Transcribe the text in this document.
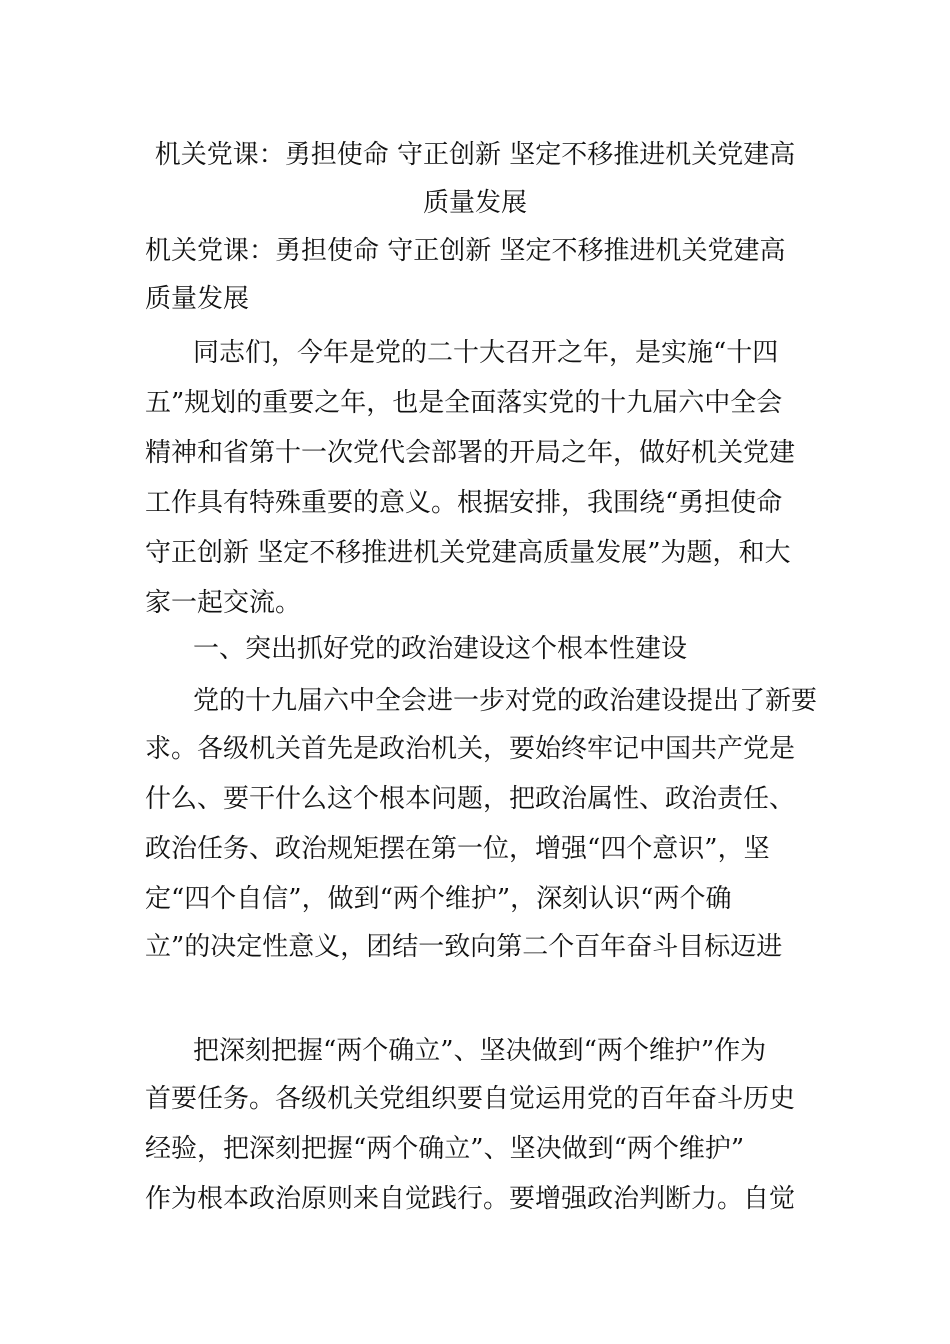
机关党课：勇担使命 守正创新 坚定不移推进机关党建高
质量发展
机关党课：勇担使命 守正创新 坚定不移推进机关党建高
质量发展
同志们，今年是党的二十大召开之年，是实施“十四
五”规划的重要之年，也是全面落实党的十九届六中全会
精神和省第十一次党代会部署的开局之年，做好机关党建
工作具有特殊重要的意义。根据安排，我围绕“勇担使命
守正创新 坚定不移推进机关党建高质量发展”为题，和大
家一起交流。
一、突出抓好党的政治建设这个根本性建设
党的十九届六中全会进一步对党的政治建设提出了新要
求。各级机关首先是政治机关，要始终牢记中国共产党是
什么、要干什么这个根本问题，把政治属性、政治责任、
政治任务、政治规矩摆在第一位，增强“四个意识”，坚
定“四个自信”，做到“两个维护”，深刻认识“两个确
立”的决定性意义，团结一致向第二个百年奋斗目标迈进
把深刻把握“两个确立”、坚决做到“两个维护”作为
首要任务。各级机关党组织要自觉运用党的百年奋斗历史
经验，把深刻把握“两个确立”、坚决做到“两个维护”
作为根本政治原则来自觉践行。要增强政治判断力。自觉
